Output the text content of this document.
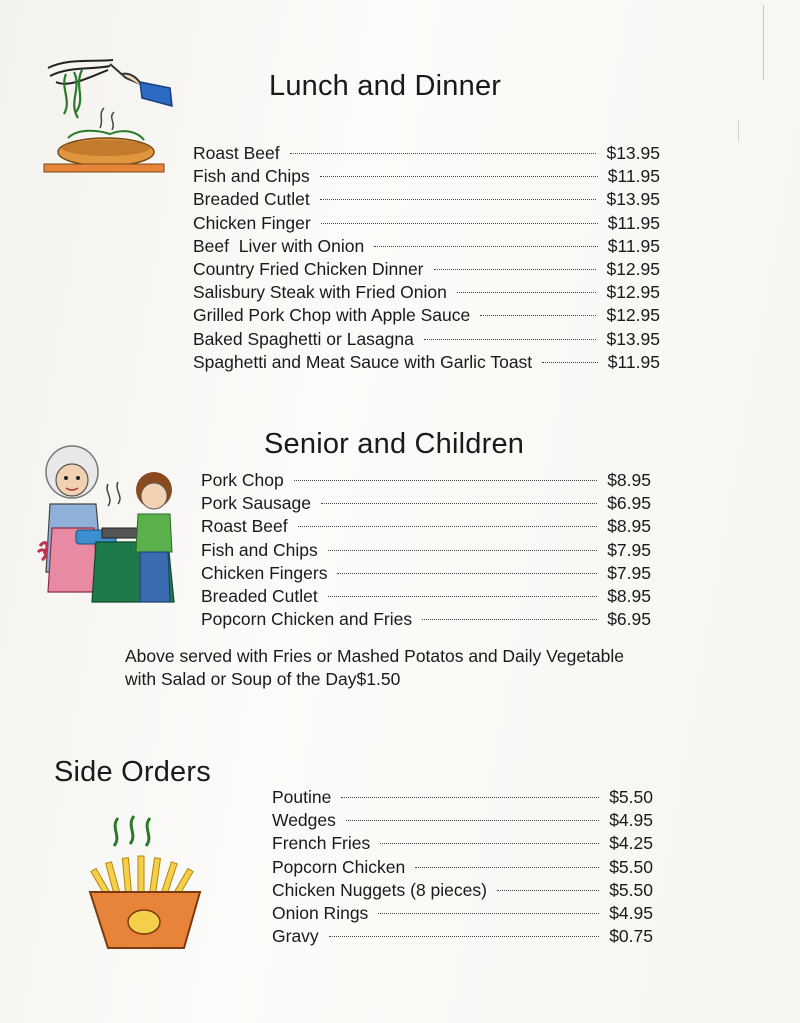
Lunch and Dinner
Roast Beef	$13.95
Fish and Chips	$11.95
Breaded Cutlet	$13.95
Chicken Finger	$11.95
Beef  Liver with Onion	$11.95
Country Fried Chicken Dinner	$12.95
Salisbury Steak with Fried Onion	$12.95
Grilled Pork Chop with Apple Sauce	$12.95
Baked Spaghetti or Lasagna	$13.95
Spaghetti and Meat Sauce with Garlic Toast	$11.95
Senior and Children
Pork Chop	$8.95
Pork Sausage	$6.95
Roast Beef	$8.95
Fish and Chips	$7.95
Chicken Fingers	$7.95
Breaded Cutlet	$8.95
Popcorn Chicken and Fries	$6.95

Above served with Fries or Mashed Potatos and Daily Vegetable
with Salad or Soup of the Day$1.50

Side Orders
Poutine	$5.50
Wedges	$4.95
French Fries	$4.25
Popcorn Chicken	$5.50
Chicken Nuggets (8 pieces)	$5.50
Onion Rings	$4.95
Gravy	$0.75
